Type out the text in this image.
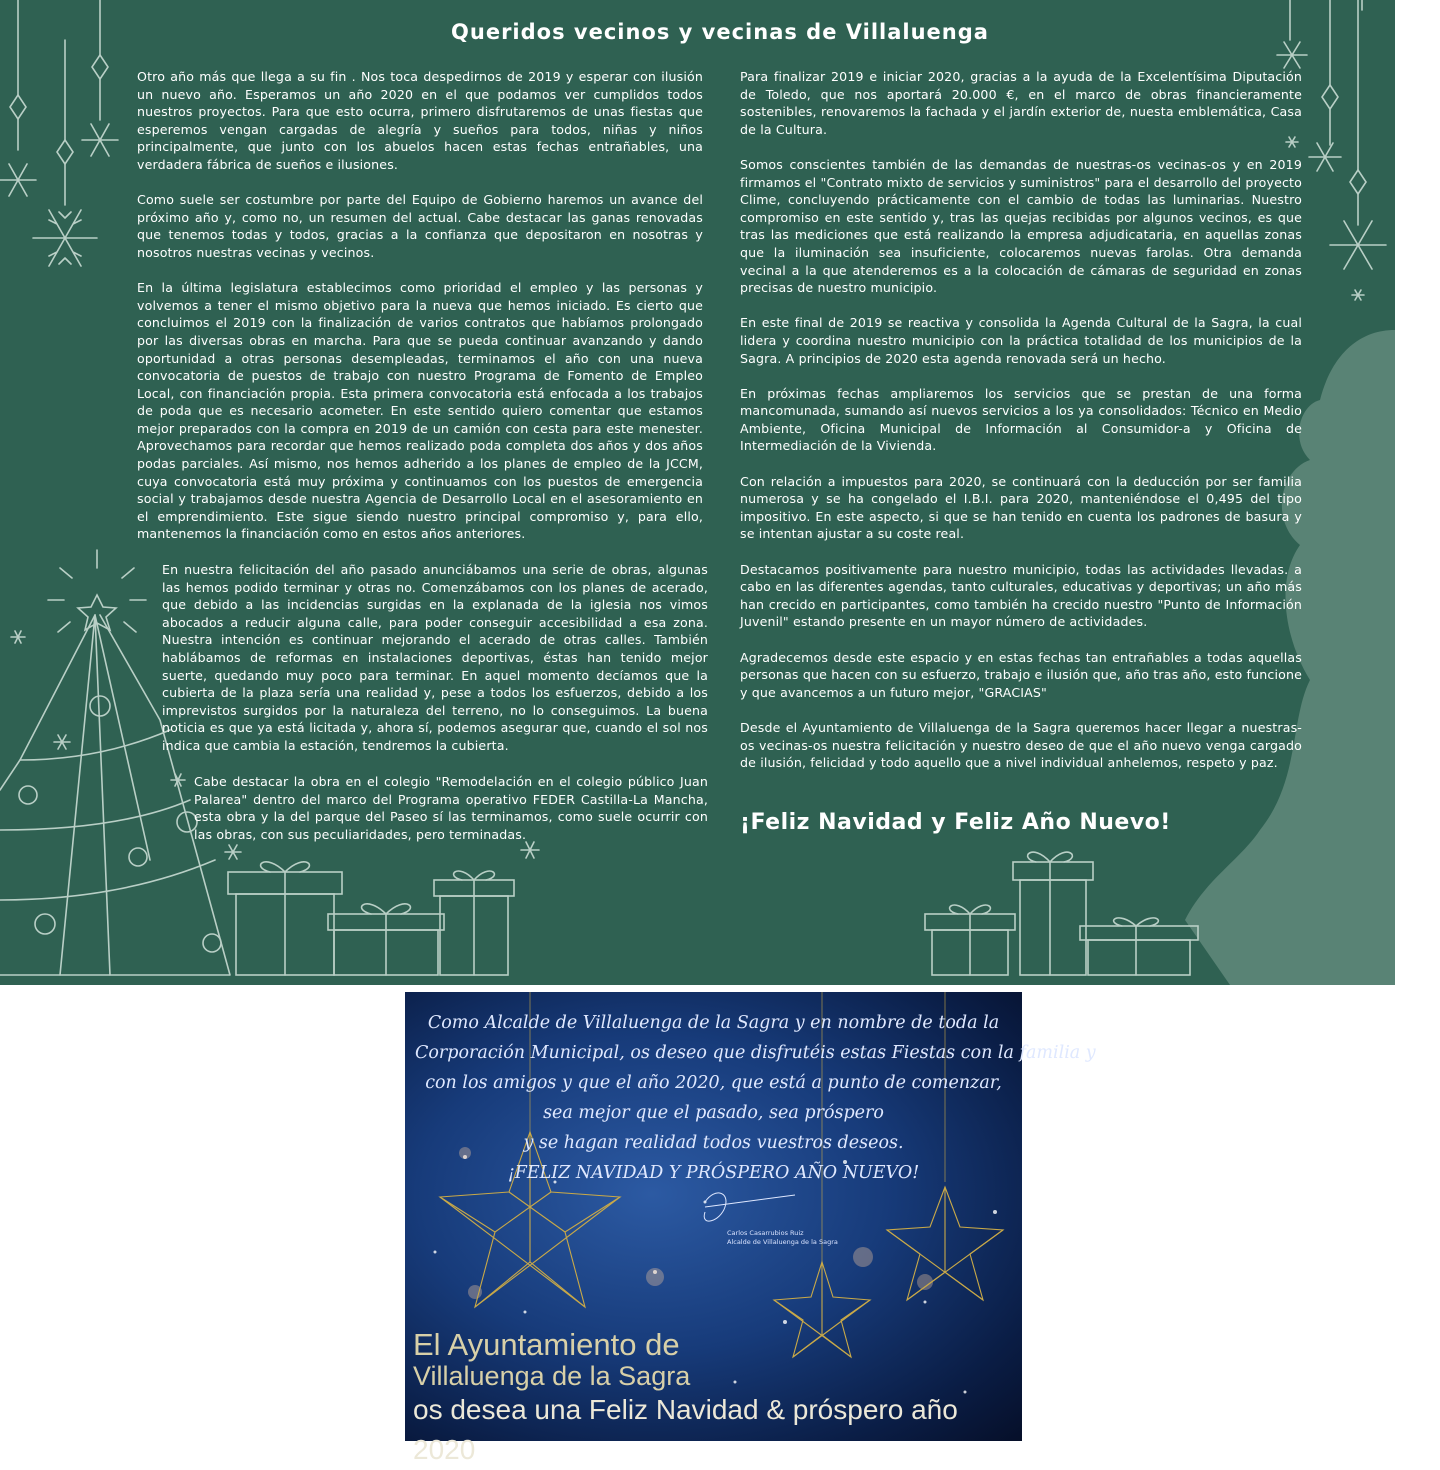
Queridos vecinos y vecinas de Villaluenga

Otro año más que llega a su fin . Nos toca despedirnos de 2019 y esperar con ilusión un nuevo año. Esperamos un año 2020 en el que podamos ver cumplidos todos nuestros proyectos. Para que esto ocurra, primero disfrutaremos de unas fiestas que esperemos vengan cargadas de alegría y sueños para todos, niñas y niños principalmente, que junto con los abuelos hacen estas fechas entrañables, una verdadera fábrica de sueños e ilusiones.

Como suele ser costumbre por parte del Equipo de Gobierno haremos un avance del próximo año y, como no, un resumen del actual. Cabe destacar las ganas renovadas que tenemos todas y todos, gracias a la confianza que depositaron en nosotras y nosotros nuestras vecinas y vecinos.

En la última legislatura establecimos como prioridad el empleo y las personas y volvemos a tener el mismo objetivo para la nueva que hemos iniciado. Es cierto que concluimos el 2019 con la finalización de varios contratos que habíamos prolongado por las diversas obras en marcha. Para que se pueda continuar avanzando y dando oportunidad a otras personas desempleadas, terminamos el año con una nueva convocatoria de puestos de trabajo con nuestro Programa de Fomento de Empleo Local, con financiación propia. Esta primera convocatoria está enfocada a los trabajos de poda que es necesario acometer. En este sentido quiero comentar que estamos mejor preparados con la compra en 2019 de un camión con cesta para este menester. Aprovechamos para recordar que hemos realizado poda completa dos años y dos años podas parciales. Así mismo, nos hemos adherido a los planes de empleo de la JCCM, cuya convocatoria está muy próxima y continuamos con los puestos de emergencia social y trabajamos desde nuestra Agencia de Desarrollo Local en el asesoramiento en el emprendimiento. Este sigue siendo nuestro principal compromiso y, para ello, mantenemos la financiación como en estos años anteriores.

En nuestra felicitación del año pasado anunciábamos una serie de obras, algunas las hemos podido terminar y otras no. Comenzábamos con los planes de acerado, que debido a las incidencias surgidas en la explanada de la iglesia nos vimos abocados a reducir alguna calle, para poder conseguir accesibilidad a esa zona. Nuestra intención es continuar mejorando el acerado de otras calles. También hablábamos de reformas en instalaciones deportivas, éstas han tenido mejor suerte, quedando muy poco para terminar. En aquel momento decíamos que la cubierta de la plaza sería una realidad y, pese a todos los esfuerzos, debido a los imprevistos surgidos por la naturaleza del terreno, no lo conseguimos. La buena noticia es que ya está licitada y, ahora sí, podemos asegurar que, cuando el sol nos indica que cambia la estación, tendremos la cubierta.

Cabe destacar la obra en el colegio "Remodelación en el colegio público Juan Palarea" dentro del marco del Programa operativo FEDER Castilla-La Mancha, esta obra y la del parque del Paseo sí las terminamos, como suele ocurrir con las obras, con sus peculiaridades, pero terminadas.

Para finalizar 2019 e iniciar 2020, gracias a la ayuda de la Excelentísima Diputación de Toledo, que nos aportará 20.000 €, en el marco de obras financieramente sostenibles, renovaremos la fachada y el jardín exterior de, nuesta emblemática, Casa de la Cultura.

Somos conscientes también de las demandas de nuestras-os vecinas-os y en 2019 firmamos el "Contrato mixto de servicios y suministros" para el desarrollo del proyecto Clime, concluyendo prácticamente con el cambio de todas las luminarias. Nuestro compromiso en este sentido y, tras las quejas recibidas por algunos vecinos, es que tras las mediciones que está realizando la empresa adjudicataria, en aquellas zonas que la iluminación sea insuficiente, colocaremos nuevas farolas. Otra demanda vecinal a la que atenderemos es a la colocación de cámaras de seguridad en zonas precisas de nuestro municipio.

En este final de 2019 se reactiva y consolida la Agenda Cultural de la Sagra, la cual lidera y coordina nuestro municipio con la práctica totalidad de los municipios de la Sagra. A principios de 2020 esta agenda renovada será un hecho.

En próximas fechas ampliaremos los servicios que se prestan de una forma mancomunada, sumando así nuevos servicios a los ya consolidados: Técnico en Medio Ambiente, Oficina Municipal de Información al Consumidor-a y Oficina de Intermediación de la Vivienda.

Con relación a impuestos para 2020, se continuará con la deducción por ser familia numerosa y se ha congelado el I.B.I. para 2020, manteniéndose el 0,495 del tipo impositivo. En este aspecto, si que se han tenido en cuenta los padrones de basura y se intentan ajustar a su coste real.

Destacamos positivamente para nuestro municipio, todas las actividades llevadas. a cabo en las diferentes agendas, tanto culturales, educativas y deportivas; un año más han crecido en participantes, como también ha crecido nuestro "Punto de Información Juvenil" estando presente en un mayor número de actividades.

Agradecemos desde este espacio y en estas fechas tan entrañables a todas aquellas personas que hacen con su esfuerzo, trabajo e ilusión que, año tras año, esto funcione y que avancemos a un futuro mejor, "GRACIAS"

Desde el Ayuntamiento de Villaluenga de la Sagra queremos hacer llegar a nuestras-os vecinas-os nuestra felicitación y nuestro deseo de que el año nuevo venga cargado de ilusión, felicidad y todo aquello que a nivel individual anhelemos, respeto y paz.

¡Feliz Navidad y Feliz Año Nuevo!
Como Alcalde de Villaluenga de la Sagra y en nombre de toda la
Corporación Municipal, os deseo que disfrutéis estas Fiestas con la familia y
con los amigos y que el año 2020, que está a punto de comenzar,
sea mejor que el pasado, sea próspero
y se hagan realidad todos vuestros deseos.
¡FELIZ NAVIDAD Y PRÓSPERO AÑO NUEVO!
Carlos Casarrubios Ruiz
Alcalde de Villaluenga de la Sagra
El Ayuntamiento de
Villaluenga de la Sagra
os desea una Feliz Navidad & próspero año 2020
